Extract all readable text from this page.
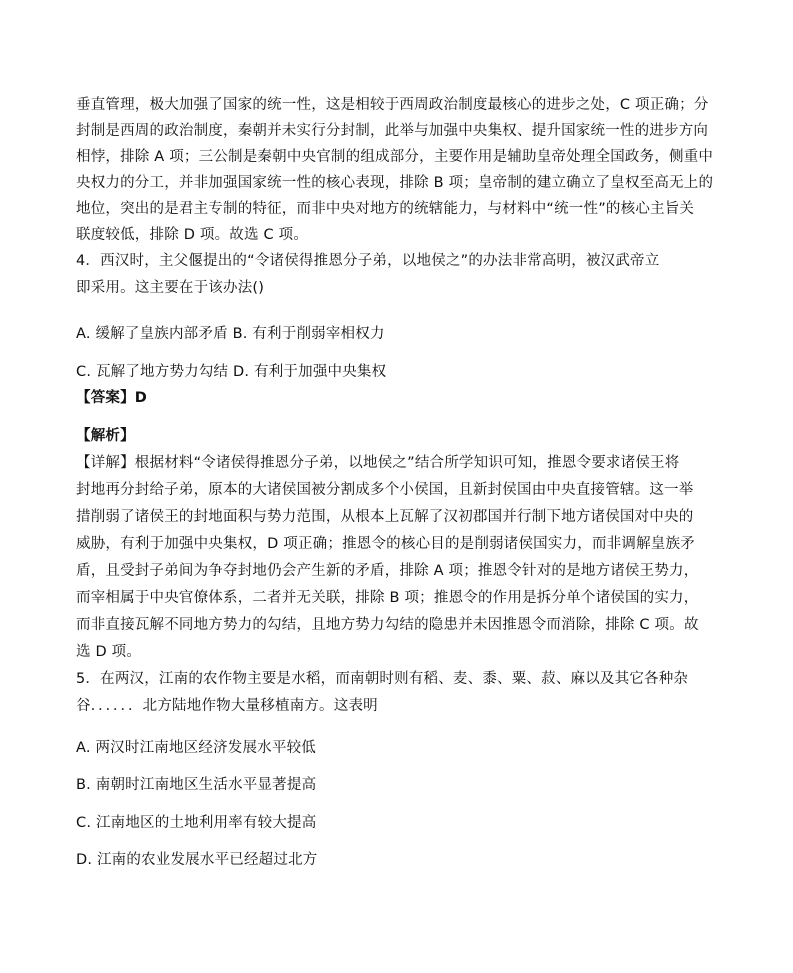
垂直管理，极大加强了国家的统一性，这是相较于西周政治制度最核心的进步之处，C 项正确；分

封制是西周的政治制度，秦朝并未实行分封制，此举与加强中央集权、提升国家统一性的进步方向

相悖，排除 A 项；三公制是秦朝中央官制的组成部分，主要作用是辅助皇帝处理全国政务，侧重中

央权力的分工，并非加强国家统一性的核心表现，排除 B 项；皇帝制的建立确立了皇权至高无上的

地位，突出的是君主专制的特征，而非中央对地方的统辖能力，与材料中“统一性”的核心主旨关

联度较低，排除 D 项。故选 C 项。

4．西汉时，主父偃提出的“令诸侯得推恩分子弟，以地侯之”的办法非常高明，被汉武帝立

即采用。这主要在于该办法()

A. 缓解了皇族内部矛盾 B. 有利于削弱宰相权力

C. 瓦解了地方势力勾结 D. 有利于加强中央集权

【答案】D

【解析】

【详解】根据材料“令诸侯得推恩分子弟，以地侯之”结合所学知识可知，推恩令要求诸侯王将

封地再分封给子弟，原本的大诸侯国被分割成多个小侯国，且新封侯国由中央直接管辖。这一举

措削弱了诸侯王的封地面积与势力范围，从根本上瓦解了汉初郡国并行制下地方诸侯国对中央的

威胁，有利于加强中央集权，D 项正确；推恩令的核心目的是削弱诸侯国实力，而非调解皇族矛

盾，且受封子弟间为争夺封地仍会产生新的矛盾，排除 A 项；推恩令针对的是地方诸侯王势力，

而宰相属于中央官僚体系，二者并无关联，排除 B 项；推恩令的作用是拆分单个诸侯国的实力，

而非直接瓦解不同地方势力的勾结，且地方势力勾结的隐患并未因推恩令而消除，排除 C 项。故

选 D 项。

5．在两汉，江南的农作物主要是水稻，而南朝时则有稻、麦、黍、粟、菽、麻以及其它各种杂

谷．．．．．．北方陆地作物大量移植南方。这表明

A. 两汉时江南地区经济发展水平较低

B. 南朝时江南地区生活水平显著提高

C. 江南地区的土地利用率有较大提高

D. 江南的农业发展水平已经超过北方
